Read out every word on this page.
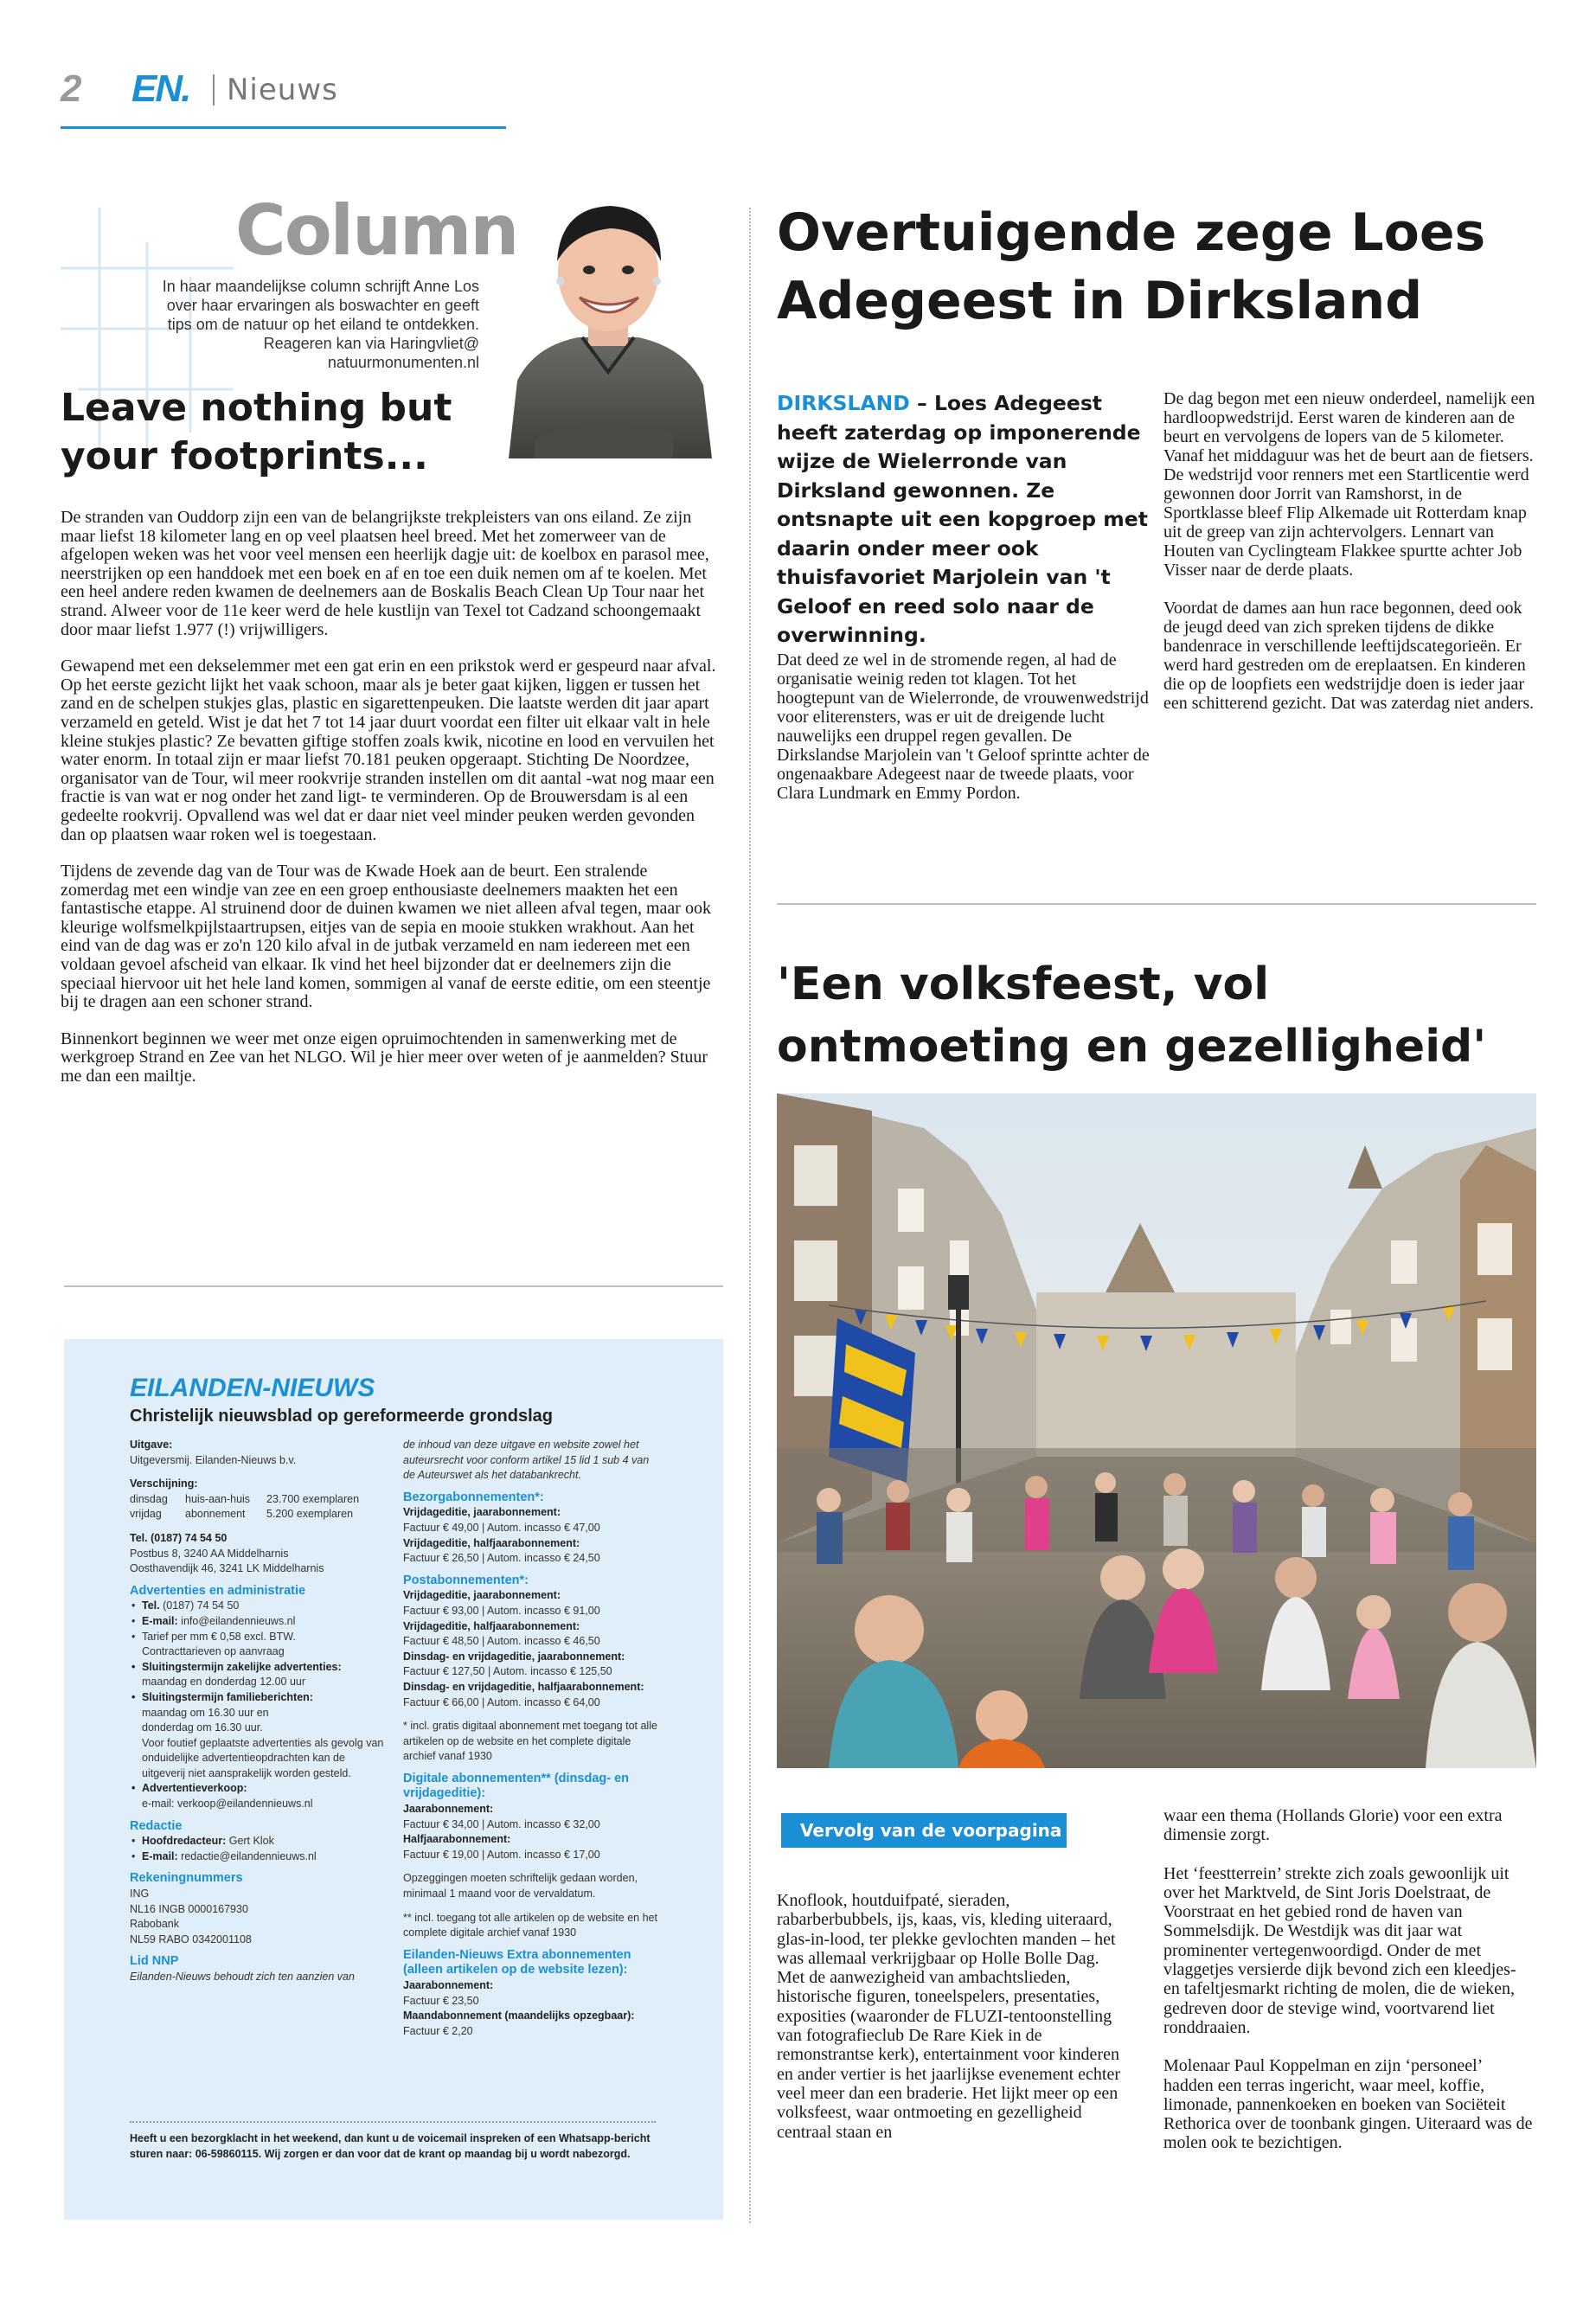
2 EN. Nieuws
Column
In haar maandelijkse column schrijft Anne Los over haar ervaringen als boswachter en geeft tips om de natuur op het eiland te ontdekken. Reageren kan via Haringvliet@ natuurmonumenten.nl
Leave nothing but your footprints...

De stranden van Ouddorp zijn een van de belangrijkste trekpleisters van ons eiland. Ze zijn maar liefst 18 kilometer lang en op veel plaatsen heel breed. Met het zomerweer van de afgelopen weken was het voor veel mensen een heerlijk dagje uit: de koelbox en parasol mee, neerstrijken op een handdoek met een boek en af en toe een duik nemen om af te koelen. Met een heel andere reden kwamen de deelnemers aan de Boskalis Beach Clean Up Tour naar het strand. Alweer voor de 11e keer werd de hele kustlijn van Texel tot Cadzand schoongemaakt door maar liefst 1.977 (!) vrijwilligers.

Gewapend met een dekselemmer met een gat erin en een prikstok werd er gespeurd naar afval. Op het eerste gezicht lijkt het vaak schoon, maar als je beter gaat kijken, liggen er tussen het zand en de schelpen stukjes glas, plastic en sigarettenpeuken. Die laatste werden dit jaar apart verzameld en geteld. Wist je dat het 7 tot 14 jaar duurt voordat een filter uit elkaar valt in hele kleine stukjes plastic? Ze bevatten giftige stoffen zoals kwik, nicotine en lood en vervuilen het water enorm. In totaal zijn er maar liefst 70.181 peuken opgeraapt. Stichting De Noordzee, organisator van de Tour, wil meer rookvrije stranden instellen om dit aantal -wat nog maar een fractie is van wat er nog onder het zand ligt- te verminderen. Op de Brouwersdam is al een gedeelte rookvrij. Opvallend was wel dat er daar niet veel minder peuken werden gevonden dan op plaatsen waar roken wel is toegestaan.

Tijdens de zevende dag van de Tour was de Kwade Hoek aan de beurt. Een stralende zomerdag met een windje van zee en een groep enthousiaste deelnemers maakten het een fantastische etappe. Al struinend door de duinen kwamen we niet alleen afval tegen, maar ook kleurige wolfsmelkpijlstaartrupsen, eitjes van de sepia en mooie stukken wrakhout. Aan het eind van de dag was er zo'n 120 kilo afval in de jutbak verzameld en nam iedereen met een voldaan gevoel afscheid van elkaar. Ik vind het heel bijzonder dat er deelnemers zijn die speciaal hiervoor uit het hele land komen, sommigen al vanaf de eerste editie, om een steentje bij te dragen aan een schoner strand.

Binnenkort beginnen we weer met onze eigen opruimochtenden in samenwerking met de werkgroep Strand en Zee van het NLGO. Wil je hier meer over weten of je aanmelden? Stuur me dan een mailtje.

EILANDEN-NIEUWS
Christelijk nieuwsblad op gereformeerde grondslag
Uitgave:
Uitgeversmij. Eilanden-Nieuws b.v.
Verschijning:
dinsdag	huis-aan-huis	23.700 exemplaren
vrijdag	abonnement	5.200 exemplaren
Tel. (0187) 74 54 50
Postbus 8, 3240 AA Middelharnis
Oosthavendijk 46, 3241 LK Middelharnis
Advertenties en administratie
• Tel. (0187) 74 54 50
• E-mail: info@eilandennieuws.nl
• Tarief per mm € 0,58 excl. BTW.
Contracttarieven op aanvraag
• Sluitingstermijn zakelijke advertenties:
maandag en donderdag 12.00 uur
• Sluitingstermijn familieberichten:
maandag om 16.30 uur en
donderdag om 16.30 uur.
Voor foutief geplaatste advertenties als gevolg van onduidelijke advertentieopdrachten kan de uitgeverij niet aansprakelijk worden gesteld.
• Advertentieverkoop:
e-mail: verkoop@eilandennieuws.nl
Redactie
• Hoofdredacteur: Gert Klok
• E-mail: redactie@eilandennieuws.nl
Rekeningnummers
ING
NL16 INGB 0000167930
Rabobank
NL59 RABO 0342001108
Lid NNP
Eilanden-Nieuws behoudt zich ten aanzien van
de inhoud van deze uitgave en website zowel het auteursrecht voor conform artikel 15 lid 1 sub 4 van de Auteurswet als het databankrecht.
Bezorgabonnementen*:
Vrijdageditie, jaarabonnement:
Factuur € 49,00 | Autom. incasso € 47,00
Vrijdageditie, halfjaarabonnement:
Factuur € 26,50 | Autom. incasso € 24,50
Postabonnementen*:
Vrijdageditie, jaarabonnement:
Factuur € 93,00 | Autom. incasso € 91,00
Vrijdageditie, halfjaarabonnement:
Factuur € 48,50 | Autom. incasso € 46,50
Dinsdag- en vrijdageditie, jaarabonnement:
Factuur € 127,50 | Autom. incasso € 125,50
Dinsdag- en vrijdageditie, halfjaarabonnement:
Factuur € 66,00 | Autom. incasso € 64,00
* incl. gratis digitaal abonnement met toegang tot alle artikelen op de website en het complete digitale archief vanaf 1930
Digitale abonnementen** (dinsdag- en vrijdageditie):
Jaarabonnement:
Factuur € 34,00 | Autom. incasso € 32,00
Halfjaarabonnement:
Factuur € 19,00 | Autom. incasso € 17,00
Opzeggingen moeten schriftelijk gedaan worden, minimaal 1 maand voor de vervaldatum.
** incl. toegang tot alle artikelen op de website en het complete digitale archief vanaf 1930
Eilanden-Nieuws Extra abonnementen (alleen artikelen op de website lezen):
Jaarabonnement:
Factuur € 23,50
Maandabonnement (maandelijks opzegbaar):
Factuur € 2,20
Heeft u een bezorgklacht in het weekend, dan kunt u de voicemail inspreken of een Whatsapp-bericht sturen naar: 06-59860115. Wij zorgen er dan voor dat de krant op maandag bij u wordt nabezorgd.
Overtuigende zege Loes Adegeest in Dirksland
DIRKSLAND – Loes Adegeest heeft zaterdag op imponerende wijze de Wielerronde van Dirksland gewonnen. Ze ontsnapte uit een kopgroep met daarin onder meer ook thuisfavoriet Marjolein van 't Geloof en reed solo naar de overwinning.
Dat deed ze wel in de stromende regen, al had de organisatie weinig reden tot klagen. Tot het hoogtepunt van de Wielerronde, de vrouwenwedstrijd voor eliterensters, was er uit de dreigende lucht nauwelijks een druppel regen gevallen. De Dirkslandse Marjolein van 't Geloof sprintte achter de ongenaakbare Adegeest naar de tweede plaats, voor Clara Lundmark en Emmy Pordon.

De dag begon met een nieuw onderdeel, namelijk een hardloopwedstrijd. Eerst waren de kinderen aan de beurt en vervolgens de lopers van de 5 kilometer. Vanaf het middaguur was het de beurt aan de fietsers. De wedstrijd voor renners met een Startlicentie werd gewonnen door Jorrit van Ramshorst, in de Sportklasse bleef Flip Alkemade uit Rotterdam knap uit de greep van zijn achtervolgers. Lennart van Houten van Cyclingteam Flakkee spurtte achter Job Visser naar de derde plaats.

Voordat de dames aan hun race begonnen, deed ook de jeugd deed van zich spreken tijdens de dikke bandenrace in verschillende leeftijdscategorieën. Er werd hard gestreden om de ereplaatsen. En kinderen die op de loopfiets een wedstrijdje doen is ieder jaar een schitterend gezicht. Dat was zaterdag niet anders.

'Een volksfeest, vol ontmoeting en gezelligheid'
Vervolg van de voorpagina
Knoflook, houtduifpaté, sieraden, rabarberbubbels, ijs, kaas, vis, kleding uiteraard, glas-in-lood, ter plekke gevlochten manden – het was allemaal verkrijgbaar op Holle Bolle Dag. Met de aanwezigheid van ambachtslieden, historische figuren, toneelspelers, presentaties, exposities (waaronder de FLUZI-tentoonstelling van fotografieclub De Rare Kiek in de remonstrantse kerk), entertainment voor kinderen en ander vertier is het jaarlijkse evenement echter veel meer dan een braderie. Het lijkt meer op een volksfeest, waar ontmoeting en gezelligheid centraal staan en

waar een thema (Hollands Glorie) voor een extra dimensie zorgt.

Het ‘feestterrein’ strekte zich zoals gewoonlijk uit over het Marktveld, de Sint Joris Doelstraat, de Voorstraat en het gebied rond de haven van Sommelsdijk. De Westdijk was dit jaar wat prominenter vertegenwoordigd. Onder de met vlaggetjes versierde dijk bevond zich een kleedjes- en tafeltjesmarkt richting de molen, die de wieken, gedreven door de stevige wind, voortvarend liet ronddraaien.

Molenaar Paul Koppelman en zijn ‘personeel’ hadden een terras ingericht, waar meel, koffie, limonade, pannenkoeken en boeken van Sociëteit Rethorica over de toonbank gingen. Uiteraard was de molen ook te bezichtigen.
